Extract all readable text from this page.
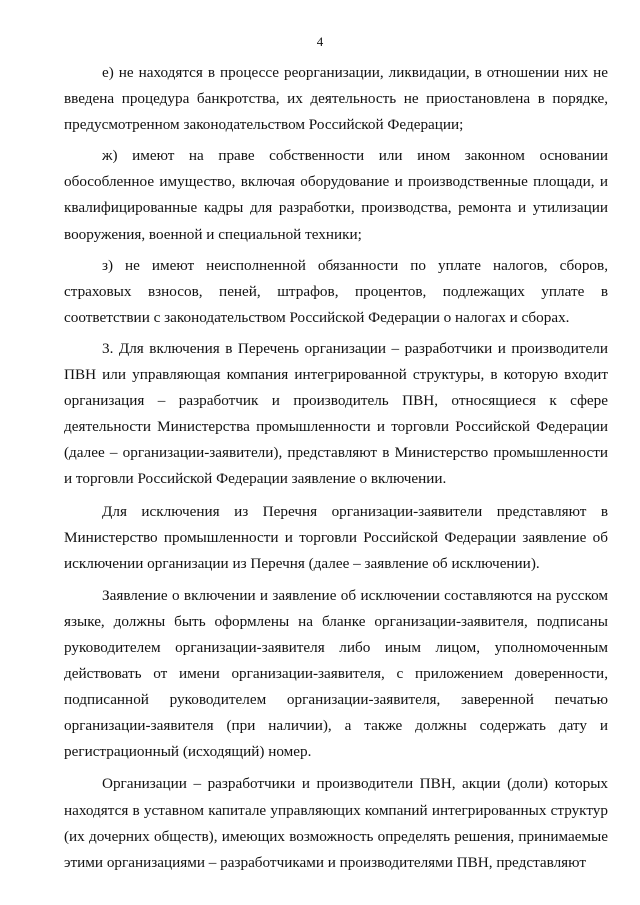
4

е) не находятся в процессе реорганизации, ликвидации, в отношении них не введена процедура банкротства, их деятельность не приостановлена в порядке, предусмотренном законодательством Российской Федерации;

ж) имеют на праве собственности или ином законном основании обособленное имущество, включая оборудование и производственные площади, и квалифицированные кадры для разработки, производства, ремонта и утилизации вооружения, военной и специальной техники;

з) не имеют неисполненной обязанности по уплате налогов, сборов, страховых взносов, пеней, штрафов, процентов, подлежащих уплате в соответствии с законодательством Российской Федерации о налогах и сборах.

3. Для включения в Перечень организации – разработчики и производители ПВН или управляющая компания интегрированной структуры, в которую входит организация – разработчик и производитель ПВН, относящиеся к сфере деятельности Министерства промышленности и торговли Российской Федерации (далее – организации-заявители), представляют в Министерство промышленности и торговли Российской Федерации заявление о включении.

Для исключения из Перечня организации-заявители представляют в Министерство промышленности и торговли Российской Федерации заявление об исключении организации из Перечня (далее – заявление об исключении).

Заявление о включении и заявление об исключении составляются на русском языке, должны быть оформлены на бланке организации-заявителя, подписаны руководителем организации-заявителя либо иным лицом, уполномоченным действовать от имени организации-заявителя, с приложением доверенности, подписанной руководителем организации-заявителя, заверенной печатью организации-заявителя (при наличии), а также должны содержать дату и регистрационный (исходящий) номер.

Организации – разработчики и производители ПВН, акции (доли) которых находятся в уставном капитале управляющих компаний интегрированных структур (их дочерних обществ), имеющих возможность определять решения, принимаемые этими организациями – разработчиками и производителями ПВН, представляют
